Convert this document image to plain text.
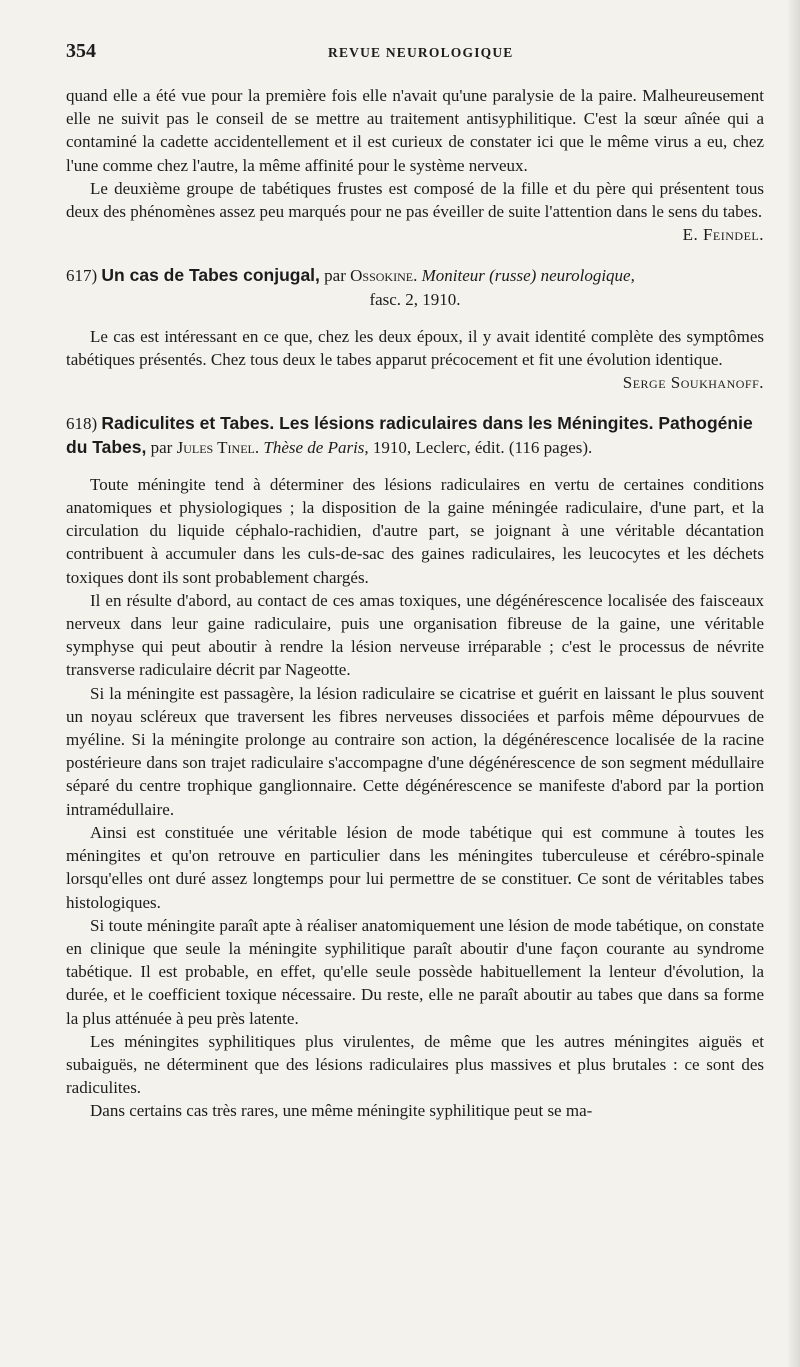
354	REVUE NEUROLOGIQUE

quand elle a été vue pour la première fois elle n'avait qu'une paralysie de la paire. Malheureusement elle ne suivit pas le conseil de se mettre au traitement antisyphilitique. C'est la sœur aînée qui a contaminé la cadette accidentellement et il est curieux de constater ici que le même virus a eu, chez l'une comme chez l'autre, la même affinité pour le système nerveux.

Le deuxième groupe de tabétiques frustes est composé de la fille et du père qui présentent tous deux des phénomènes assez peu marqués pour ne pas éveiller de suite l'attention dans le sens du tabes.
E. Feindel.

617) Un cas de Tabes conjugal, par Ossokine. Moniteur (russe) neurologique,
fasc. 2, 1910.

Le cas est intéressant en ce que, chez les deux époux, il y avait identité complète des symptômes tabétiques présentés. Chez tous deux le tabes apparut précocement et fit une évolution identique.
Serge Soukhanoff.

618) Radiculites et Tabes. Les lésions radiculaires dans les Méningites. Pathogénie du Tabes, par Jules Tinel. Thèse de Paris, 1910, Leclerc, édit. (116 pages).

Toute méningite tend à déterminer des lésions radiculaires en vertu de certaines conditions anatomiques et physiologiques ; la disposition de la gaine méningée radiculaire, d'une part, et la circulation du liquide céphalo-rachidien, d'autre part, se joignant à une véritable décantation contribuent à accumuler dans les culs-de-sac des gaines radiculaires, les leucocytes et les déchets toxiques dont ils sont probablement chargés.

Il en résulte d'abord, au contact de ces amas toxiques, une dégénérescence localisée des faisceaux nerveux dans leur gaine radiculaire, puis une organisation fibreuse de la gaine, une véritable symphyse qui peut aboutir à rendre la lésion nerveuse irréparable ; c'est le processus de névrite transverse radiculaire décrit par Nageotte.

Si la méningite est passagère, la lésion radiculaire se cicatrise et guérit en laissant le plus souvent un noyau scléreux que traversent les fibres nerveuses dissociées et parfois même dépourvues de myéline. Si la méningite prolonge au contraire son action, la dégénérescence localisée de la racine postérieure dans son trajet radiculaire s'accompagne d'une dégénérescence de son segment médullaire séparé du centre trophique ganglionnaire. Cette dégénérescence se manifeste d'abord par la portion intramédullaire.

Ainsi est constituée une véritable lésion de mode tabétique qui est commune à toutes les méningites et qu'on retrouve en particulier dans les méningites tuberculeuse et cérébro-spinale lorsqu'elles ont duré assez longtemps pour lui permettre de se constituer. Ce sont de véritables tabes histologiques.

Si toute méningite paraît apte à réaliser anatomiquement une lésion de mode tabétique, on constate en clinique que seule la méningite syphilitique paraît aboutir d'une façon courante au syndrome tabétique. Il est probable, en effet, qu'elle seule possède habituellement la lenteur d'évolution, la durée, et le coefficient toxique nécessaire. Du reste, elle ne paraît aboutir au tabes que dans sa forme la plus atténuée à peu près latente.

Les méningites syphilitiques plus virulentes, de même que les autres méningites aiguës et subaiguës, ne déterminent que des lésions radiculaires plus massives et plus brutales : ce sont des radiculites.

Dans certains cas très rares, une même méningite syphilitique peut se ma-
